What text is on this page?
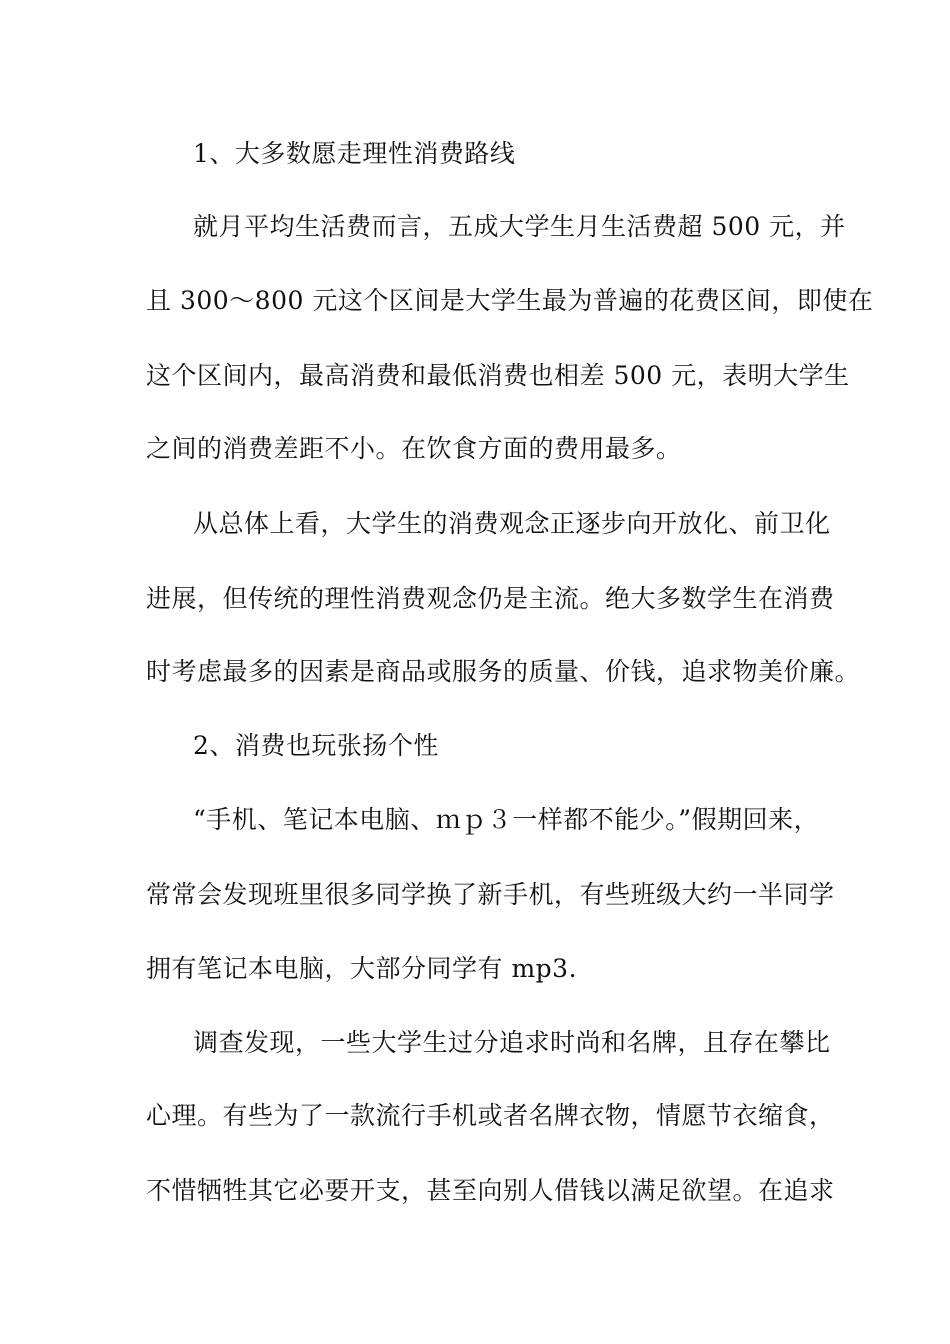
1、大多数愿走理性消费路线
就月平均生活费而言，五成大学生月生活费超 500 元，并
且 300～800 元这个区间是大学生最为普遍的花费区间，即使在
这个区间内，最高消费和最低消费也相差 500 元，表明大学生
之间的消费差距不小。在饮食方面的费用最多。
从总体上看，大学生的消费观念正逐步向开放化、前卫化
进展，但传统的理性消费观念仍是主流。绝大多数学生在消费
时考虑最多的因素是商品或服务的质量、价钱，追求物美价廉。
2、消费也玩张扬个性
“手机、笔记本电脑、ｍｐ３一样都不能少。”假期回来，
常常会发现班里很多同学换了新手机，有些班级大约一半同学
拥有笔记本电脑，大部分同学有 mp3.
调查发现，一些大学生过分追求时尚和名牌，且存在攀比
心理。有些为了一款流行手机或者名牌衣物，情愿节衣缩食，
不惜牺牲其它必要开支，甚至向别人借钱以满足欲望。在追求
